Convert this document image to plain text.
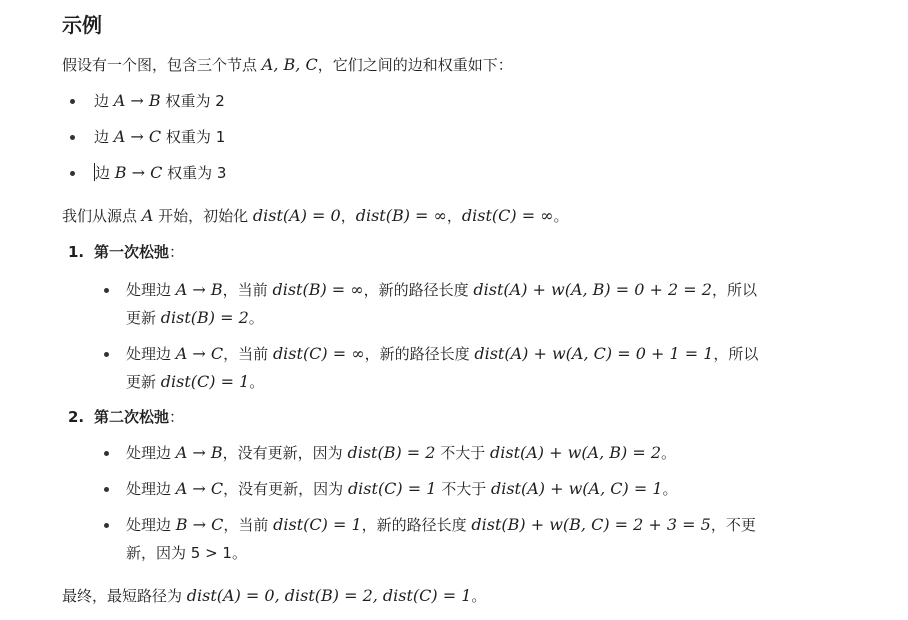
示例

假设有一个图，包含三个节点 A, B, C，它们之间的边和权重如下：

边 A → B 权重为 2
边 A → C 权重为 1
边 B → C 权重为 3

我们从源点 A 开始，初始化 dist(A) = 0，dist(B) = ∞，dist(C) = ∞。

1. 第一次松弛：
处理边 A → B，当前 dist(B) = ∞，新的路径长度 dist(A) + w(A, B) = 0 + 2 = 2，所以
更新 dist(B) = 2。
处理边 A → C，当前 dist(C) = ∞，新的路径长度 dist(A) + w(A, C) = 0 + 1 = 1，所以
更新 dist(C) = 1。
2. 第二次松弛：
处理边 A → B，没有更新，因为 dist(B) = 2 不大于 dist(A) + w(A, B) = 2。
处理边 A → C，没有更新，因为 dist(C) = 1 不大于 dist(A) + w(A, C) = 1。
处理边 B → C，当前 dist(C) = 1，新的路径长度 dist(B) + w(B, C) = 2 + 3 = 5，不更
新，因为 5 > 1。

最终，最短路径为 dist(A) = 0, dist(B) = 2, dist(C) = 1。
